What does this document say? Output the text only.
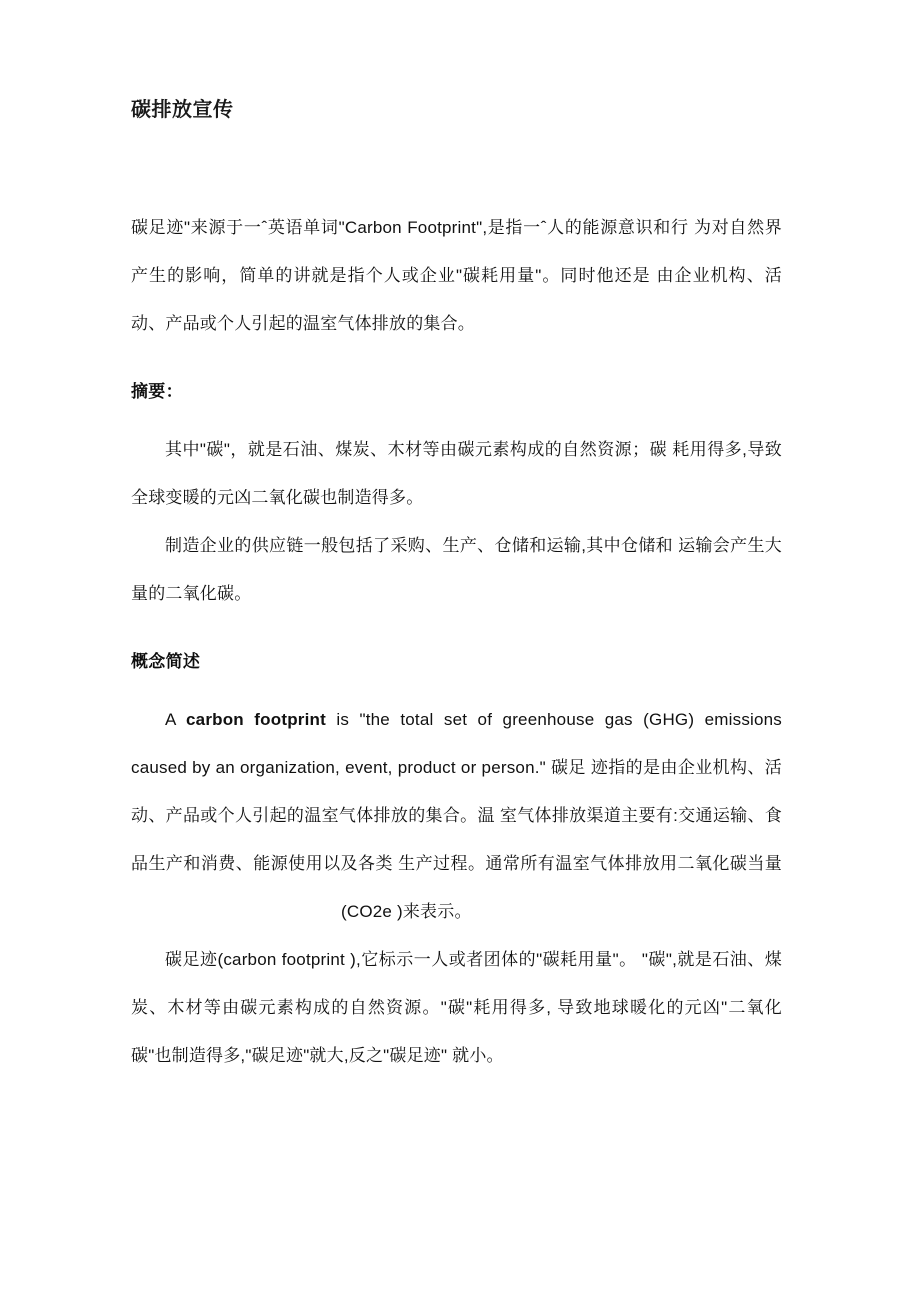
碳排放宣传

碳足迹"来源于一ˆ英语单词"Carbon Footprint",是指一ˆ人的能源意识和行 为对自然界产生的影响，简单的讲就是指个人或企业"碳耗用量"。同时他还是 由企业机构、活动、产品或个人引起的温室气体排放的集合。

摘要：

其中"碳"，就是石油、煤炭、木材等由碳元素构成的自然资源；碳 耗用得多,导致全球变暖的元凶二氧化碳也制造得多。

制造企业的供应链一般包括了采购、生产、仓储和运输,其中仓储和 运输会产生大量的二氧化碳。

概念简述

A carbon footprint is "the total set of greenhouse gas (GHG) emissions caused by an organization, event, product or person." 碳足 迹指的是由企业机构、活动、产品或个人引起的温室气体排放的集合。温 室气体排放渠道主要有:交通运输、食品生产和消费、能源使用以及各类 生产过程。通常所有温室气体排放用二氧化碳当量(CO2e )来表示。

碳足迹(carbon footprint ),它标示一人或者团体的"碳耗用量"。 "碳",就是石油、煤炭、木材等由碳元素构成的自然资源。"碳"耗用得多, 导致地球暖化的元凶"二氧化碳"也制造得多,"碳足迹"就大,反之"碳足迹" 就小。
